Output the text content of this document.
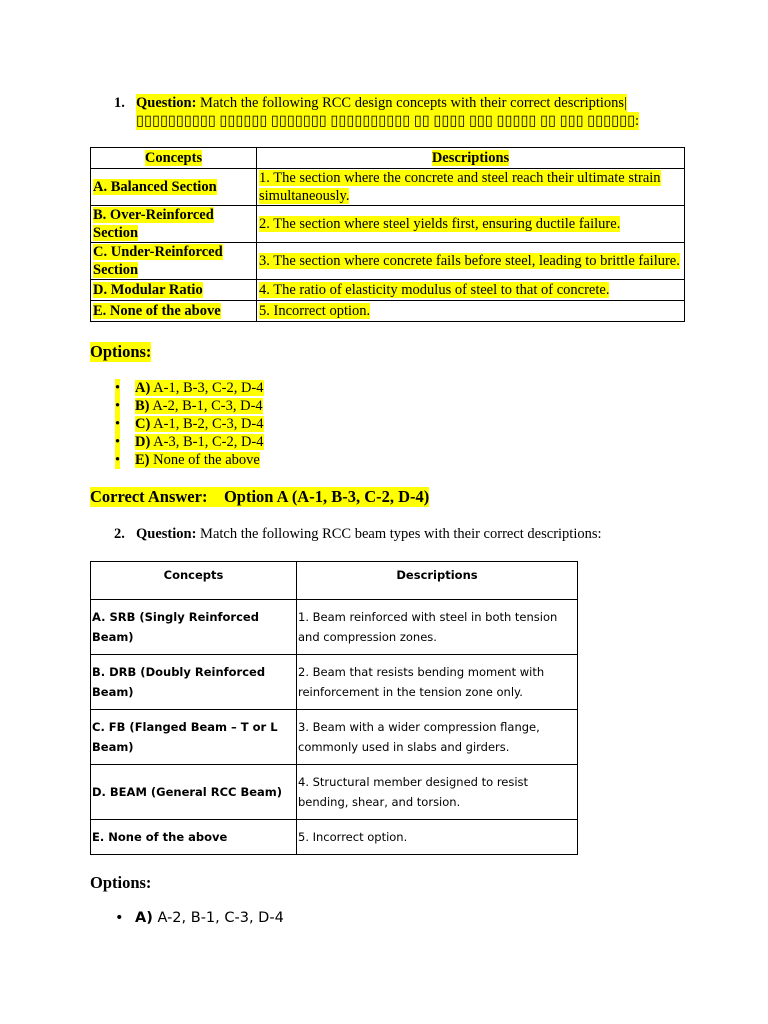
1. Question: Match the following RCC design concepts with their correct descriptions|
▯▯▯▯▯▯▯▯▯▯ ▯▯▯▯▯▯ ▯▯▯▯▯▯▯ ▯▯▯▯▯▯▯▯▯▯ ▯▯ ▯▯▯▯ ▯▯▯ ▯▯▯▯▯ ▯▯ ▯▯▯ ▯▯▯▯▯▯:
Concepts	Descriptions
A. Balanced Section	1. The section where the concrete and steel reach their ultimate strain simultaneously.
B. Over-Reinforced Section	2. The section where steel yields first, ensuring ductile failure.
C. Under-Reinforced Section	3. The section where concrete fails before steel, leading to brittle failure.
D. Modular Ratio	4. The ratio of elasticity modulus of steel to that of concrete.
E. None of the above	5. Incorrect option.
Options:
• A) A-1, B-3, C-2, D-4
• B) A-2, B-1, C-3, D-4
• C) A-1, B-2, C-3, D-4
• D) A-3, B-1, C-2, D-4
• E) None of the above
Correct Answer: Option A (A-1, B-3, C-2, D-4)
2. Question: Match the following RCC beam types with their correct descriptions:
Concepts	Descriptions
A. SRB (Singly Reinforced Beam)	1. Beam reinforced with steel in both tension and compression zones.
B. DRB (Doubly Reinforced Beam)	2. Beam that resists bending moment with reinforcement in the tension zone only.
C. FB (Flanged Beam – T or L Beam)	3. Beam with a wider compression flange, commonly used in slabs and girders.
D. BEAM (General RCC Beam)	4. Structural member designed to resist bending, shear, and torsion.
E. None of the above	5. Incorrect option.
Options:
• A) A-2, B-1, C-3, D-4
